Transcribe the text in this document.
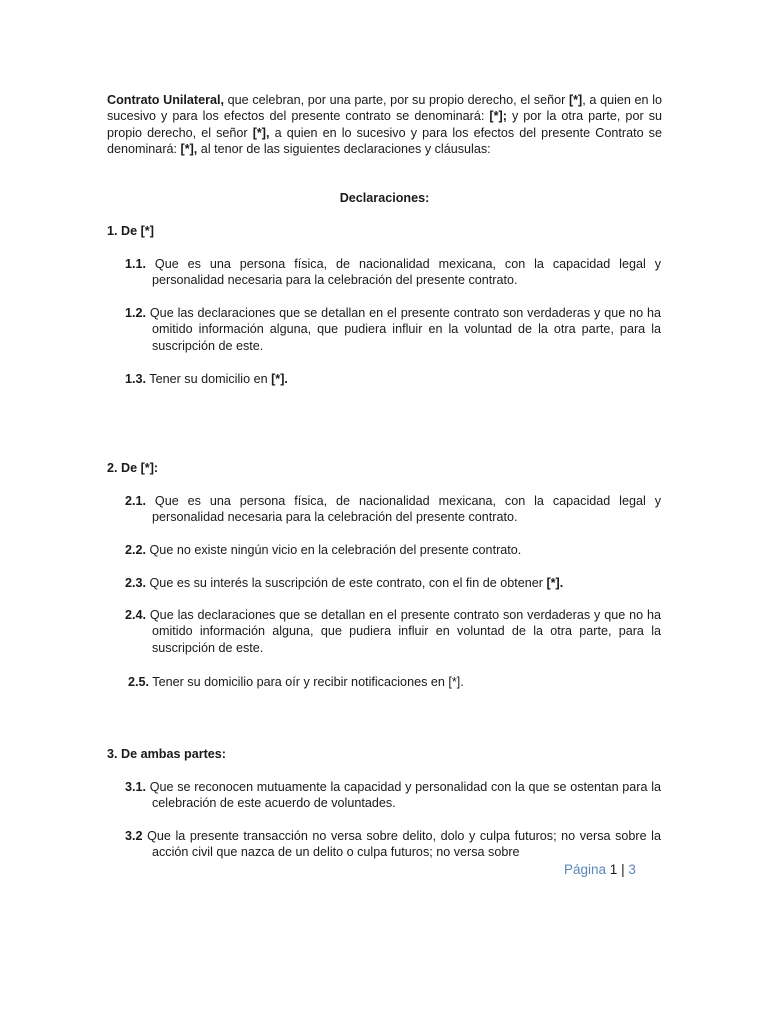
Contrato Unilateral, que celebran, por una parte, por su propio derecho, el señor [*], a quien en lo sucesivo y para los efectos del presente contrato se denominará: [*]; y por la otra parte, por su propio derecho, el señor [*], a quien en lo sucesivo y para los efectos del presente Contrato se denominará: [*], al tenor de las siguientes declaraciones y cláusulas:

Declaraciones:

1. De [*]

1.1. Que es una persona física, de nacionalidad mexicana, con la capacidad legal y personalidad necesaria para la celebración del presente contrato.

1.2. Que las declaraciones que se detallan en el presente contrato son verdaderas y que no ha omitido información alguna, que pudiera influir en la voluntad de la otra parte, para la suscripción de este.

1.3. Tener su domicilio en [*].

2. De [*]:

2.1. Que es una persona física, de nacionalidad mexicana, con la capacidad legal y personalidad necesaria para la celebración del presente contrato.

2.2. Que no existe ningún vicio en la celebración del presente contrato.

2.3. Que es su interés la suscripción de este contrato, con el fin de obtener [*].

2.4. Que las declaraciones que se detallan en el presente contrato son verdaderas y que no ha omitido información alguna, que pudiera influir en voluntad de la otra parte, para la suscripción de este.

2.5. Tener su domicilio para oír y recibir notificaciones en [*].

3. De ambas partes:

3.1. Que se reconocen mutuamente la capacidad y personalidad con la que se ostentan para la celebración de este acuerdo de voluntades.

3.2 Que la presente transacción no versa sobre delito, dolo y culpa futuros; no versa sobre la acción civil que nazca de un delito o culpa futuros; no versa sobre

Página 1 | 3
